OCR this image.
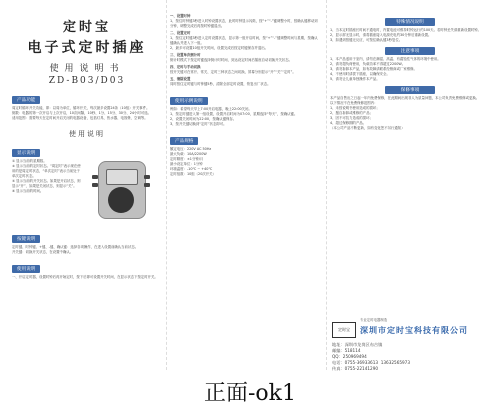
定时宝

电子式定时插座

使用说明书

ZD-B03/D03
产品功能

周定时循环开关功能，即：以周为单位，循环开关，每次最多设置24条（10组）开关事件。
倒数：电器的第一次开启与上次开启，10次间隔，10秒、1分、15分、30分、24小时可选。
适用范围：需要每天在定时间开启关闭的电器设备，包括灯具、热水器、电饭煲、空调等。

使用说明
显示说明

① 显示当前的星期数。
② 显示当前的定时状态。“周定时”表示现在使用的是周定时状态，“单次定时”表示当前处于单次定时状态。
③ 显示当前的开关状态。如果是开启状态，则显示“开”，如果是关闭状态，则显示“关”。
④ 显示当前的时间。

按键说明

定时键、时钟键、+键、-键、确认键：选择各项操作，在进入设置前确认当前状态。
开关键：切换开关状态，在设置中确认。

使用说明

一、开启定时器，设置时钟后再开始定时，按下后即可设置开关时间，在显示状态下按定时开关。

一、设置时钟

1、按住时钟键3秒进入时钟设置状态，此时时钟显示闪烁，按“+”“-”键调整小时，按确认键移动到分钟，调整完成后再按时钟键退出。

二、设置定时

1、按住定时键3秒进入定时设置状态，显示第一组开启时间，按“+”“-”键调整时间与星期，按确认键确认并进入下一组。
2、最多可设置10组开关时间，设置完成后按定时键保存并退出。

三、设置单次倒计时

倒计时模式下按定时键选择倒计时时间，到达设定时间后插座自动切换开关状态。

四、定时与手动切换

按开关键可在常开、常关、定时三种状态之间切换，屏幕分别显示“开”“关”“定时”。

五、清除设置

同时按住定时键与时钟键5秒，清除全部定时设置，恢复出厂状态。

使用示例说明

例如：希望每天早上7:00开启电器，晚上22:00关闭。
1、按定时键进入第一组设置，设置开启时间为07:00，星期选择“每天”，按确认键。
2、设置关闭时间为22:00，按确认键保存。
3、按开关键切换到“定时”状态即可。

产品规格

额定电压：220V AC 50Hz
最大负载：10A/2200W
定时精度：±1分钟/月
最小设定单位：1分钟
环境温度：-10℃ ~ +40℃
定时组数：10组（20次开关）

特殊情况说明

1、当本定时插座长时间不通电时，内置电池可维持时钟运行约100天。若时钟丢失请重新设置时钟。
2、显示屏无显示时，请将插座接入电源充电约30分钟后重新设置。
3、如遇到按键无反应，可按住确认键3秒复位。

注意事项

1、本产品适用于室内，请勿在潮湿、高温、有腐蚀性气体的环境中使用。
2、请勿超负荷使用，负载功率不得超过2200W。
3、请勿拆卸本产品，如有故障请联系经销商或厂家维修。
4、不使用时请拔下插座，以确保安全。
5、请勿让儿童单独操作本产品。

保修事项

本产品自售出之日起一年内免费保修，在此期间出现非人为质量问题，本公司负责免费维修或更换。
以下情况不在免费保修范围内：
1、未按说明书使用造成的损坏；
2、擅自拆卸或维修的产品；
3、因不可抗力造成的损坏；
4、超过保修期的产品。
（本公司产品不断更新，如有变化恕不另行通知）

定时宝
专业定时电器制造
深圳市定时宝科技有限公司

地址：深圳市龙岗区布吉镇

邮编：518114

QQ：250969494

电话：0755-36933613  13632565973

传真：0755-22141290

正面-ok1
